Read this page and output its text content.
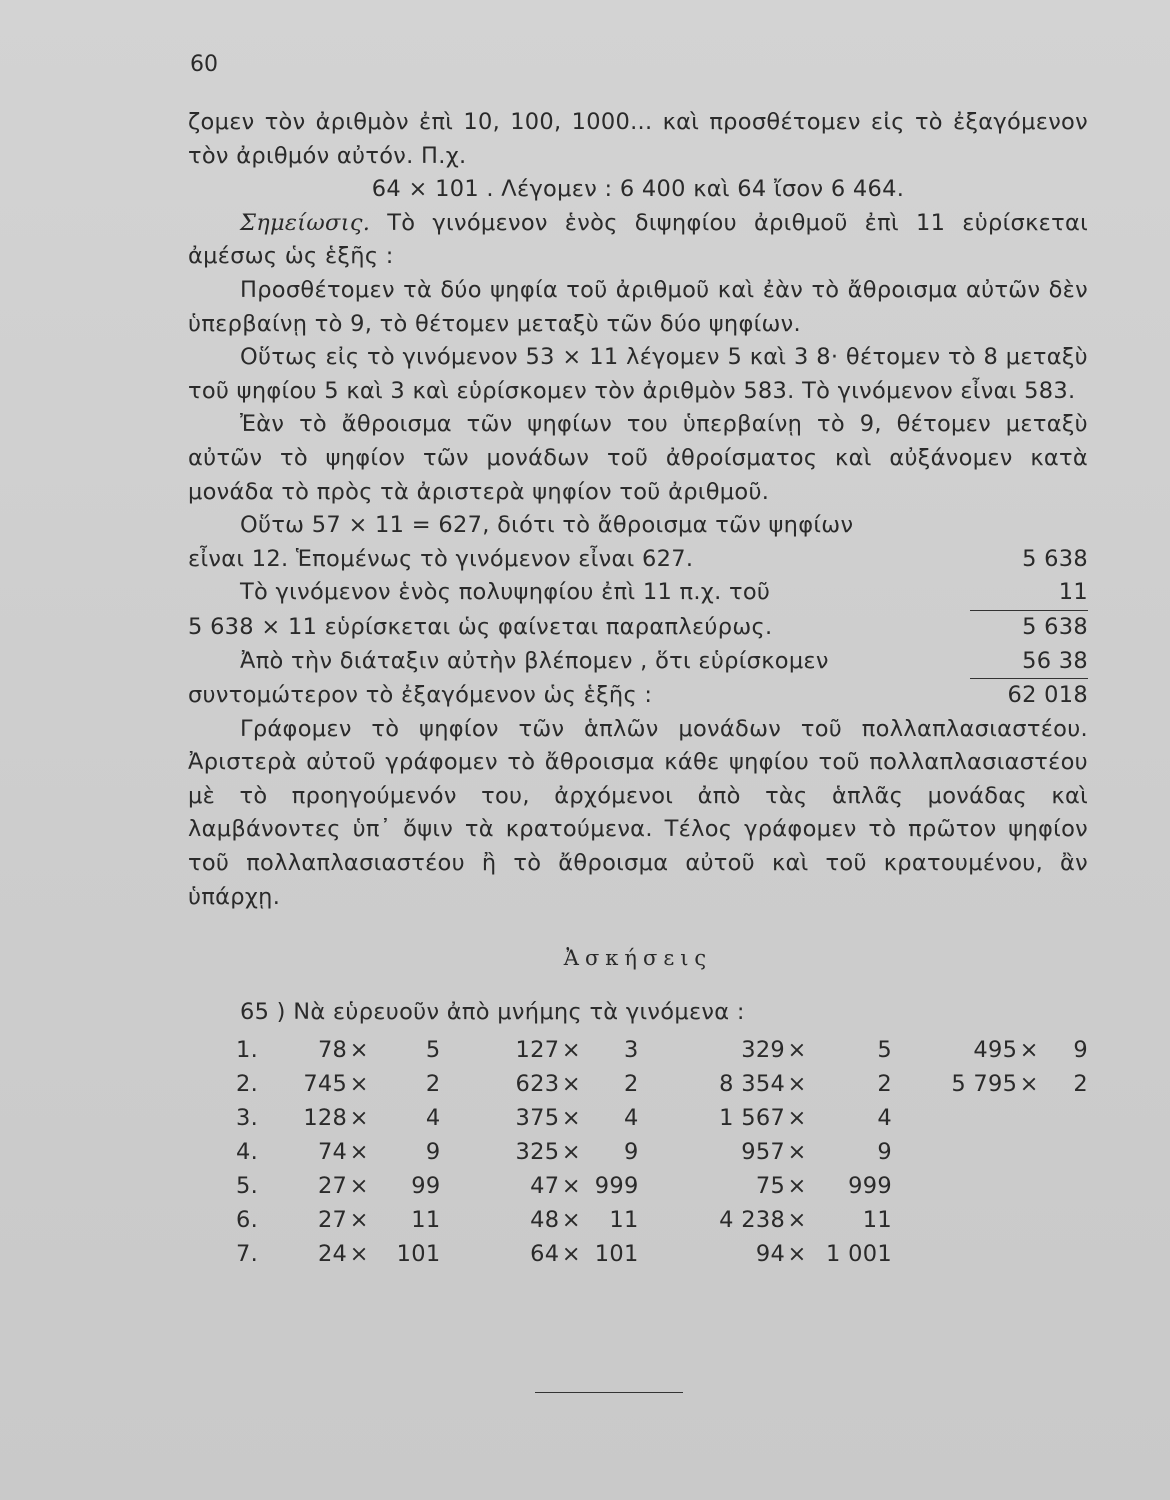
60

ζομεν τὸν ἀριθμὸν ἐπὶ 10, 100, 1000... καὶ προσθέτομεν εἰς τὸ ἐξαγόμενον τὸν ἀριθμόν αὐτόν. Π.χ.

64 × 101 . Λέγομεν : 6 400 καὶ 64 ἴσον 6 464.

Σημείωσις. Τὸ γινόμενον ἑνὸς διψηφίου ἀριθμοῦ ἐπὶ 11 εὑρίσκεται ἀμέσως ὡς ἑξῆς :

Προσθέτομεν τὰ δύο ψηφία τοῦ ἀριθμοῦ καὶ ἐὰν τὸ ἄθροισμα αὐτῶν δὲν ὑπερβαίνῃ τὸ 9, τὸ θέτομεν μεταξὺ τῶν δύο ψηφίων.

Οὕτως εἰς τὸ γινόμενον 53 × 11 λέγομεν 5 καὶ 3 8· θέτομεν τὸ 8 μεταξὺ τοῦ ψηφίου 5 καὶ 3 καὶ εὑρίσκομεν τὸν ἀριθμὸν 583. Τὸ γινόμενον εἶναι 583.

Ἐὰν τὸ ἄθροισμα τῶν ψηφίων του ὑπερβαίνῃ τὸ 9, θέτομεν μεταξὺ αὐτῶν τὸ ψηφίον τῶν μονάδων τοῦ ἀθροίσματος καὶ αὐξάνομεν κατὰ μονάδα τὸ πρὸς τὰ ἀριστερὰ ψηφίον τοῦ ἀριθμοῦ.

Οὕτω 57 × 11 = 627, διότι τὸ ἄθροισμα τῶν ψηφίων

εἶναι 12. Ἑπομένως τὸ γινόμενον εἶναι 627.	5 638
Τὸ γινόμενον ἑνὸς πολυψηφίου ἐπὶ 11 π.χ. τοῦ	11
5 638 × 11 εὑρίσκεται ὡς φαίνεται παραπλεύρως.	5 638
Ἀπὸ τὴν διάταξιν αὐτὴν βλέπομεν , ὅτι εὑρίσκομεν	56 38
συντομώτερον τὸ ἐξαγόμενον ὡς ἑξῆς :	62 018

Γράφομεν τὸ ψηφίον τῶν ἁπλῶν μονάδων τοῦ πολλαπλασιαστέου. Ἀριστερὰ αὐτοῦ γράφομεν τὸ ἄθροισμα κάθε ψηφίου τοῦ πολλαπλασιαστέου μὲ τὸ προηγούμενόν του, ἀρχόμενοι ἀπὸ τὰς ἁπλᾶς μονάδας καὶ λαμβάνοντες ὑπ᾽ ὄψιν τὰ κρατούμενα. Τέλος γράφομεν τὸ πρῶτον ψηφίον τοῦ πολλαπλασιαστέου ἢ τὸ ἄθροισμα αὐτοῦ καὶ τοῦ κρατουμένου, ἂν ὑπάρχῃ.

Ἀσκήσεις

65 ) Νὰ εὑρευοῦν ἀπὸ μνήμης τὰ γινόμενα :

1.	78	×	5		127	×	3		329	×	5		495	×	9
2.	745	×	2		623	×	2		8 354	×	2		5 795	×	2
3.	128	×	4		375	×	4		1 567	×	4				
4.	74	×	9		325	×	9		957	×	9				
5.	27	×	99		47	×	999		75	×	999				
6.	27	×	11		48	×	11		4 238	×	11				
7.	24	×	101		64	×	101		94	×	1 001				
